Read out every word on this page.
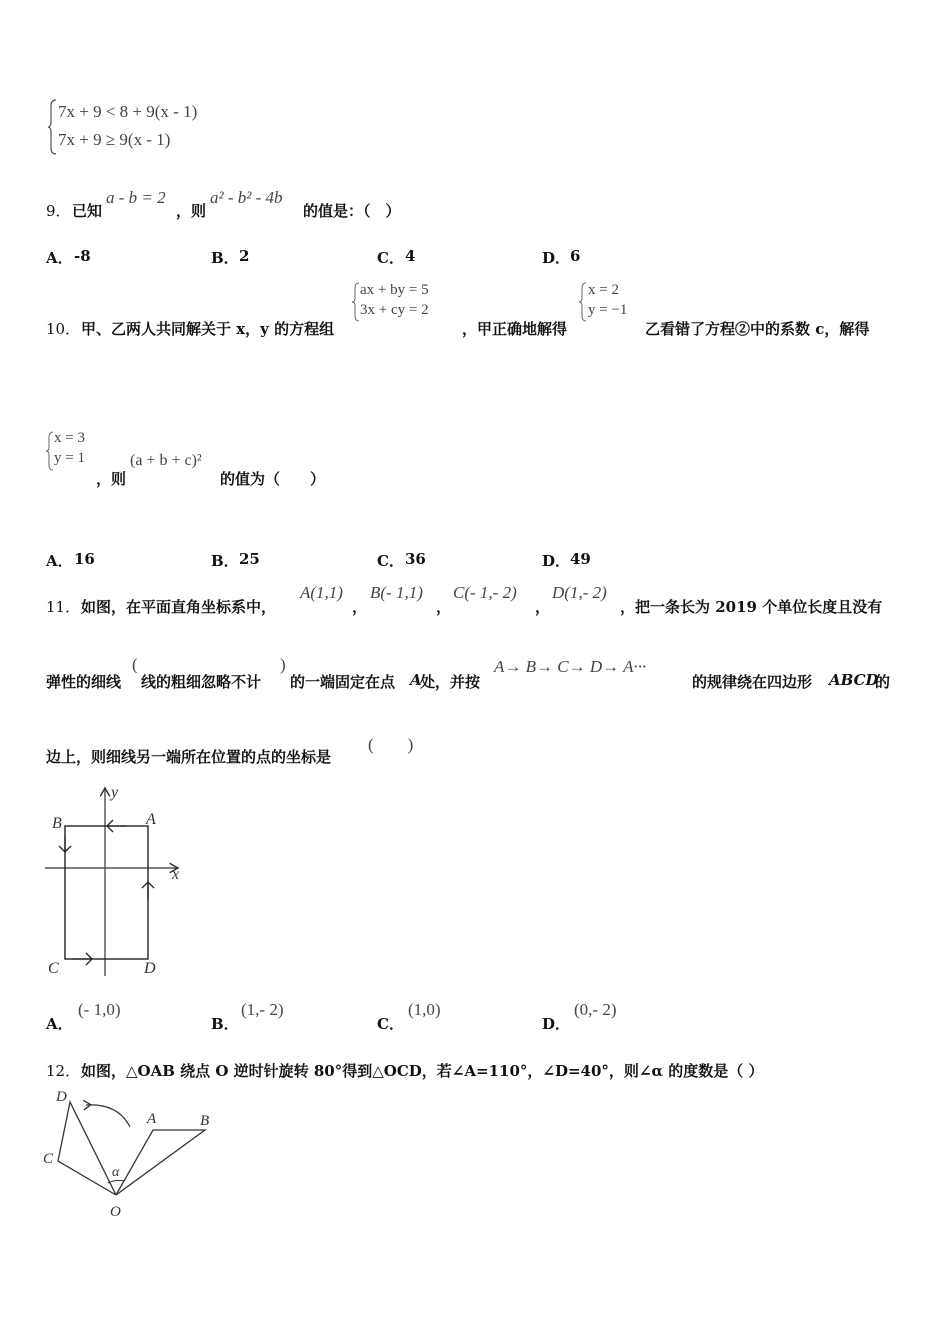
7x + 9 < 8 + 9(x - 1)
7x + 9 ≥ 9(x - 1)
9． 已知
a - b = 2
，则
a² - b² - 4b
的值是：（　）
A． -8	B． 2	C． 4	D． 6
10． 甲、乙两人共同解关于 x，y 的方程组
ax + by = 5
3x + cy = 2
，甲正确地解得
x = 2
y = −1
乙看错了方程②中的系数 c，解得
x = 3
y = 1
，则
(a + b + c)²
的值为（　　）
A． 16	B． 25	C． 36	D． 49
11． 如图，在平面直角坐标系中，
A(1,1)
，
B(- 1,1)
，
C(- 1,- 2)
，
D(1,- 2)
，把一条长为 2019 个单位长度且没有
弹性的细线
(
线的粗细忽略不计
)
的一端固定在点 A
处，并按
A→ B→ C→ D→ A···
的规律绕在四边形 ABCD
的
边上，则细线另一端所在位置的点的坐标是
(　　)
y
x
A
B
C	D
A．
(- 1,0)
B．
(1,- 2)
C．
(1,0)
D．
(0,- 2)
12． 如图，△OAB 绕点 O 逆时针旋转 80°得到△OCD，若∠A=110°，∠D=40°，则∠α 的度数是（ ）
D
C
A	B
α
O
